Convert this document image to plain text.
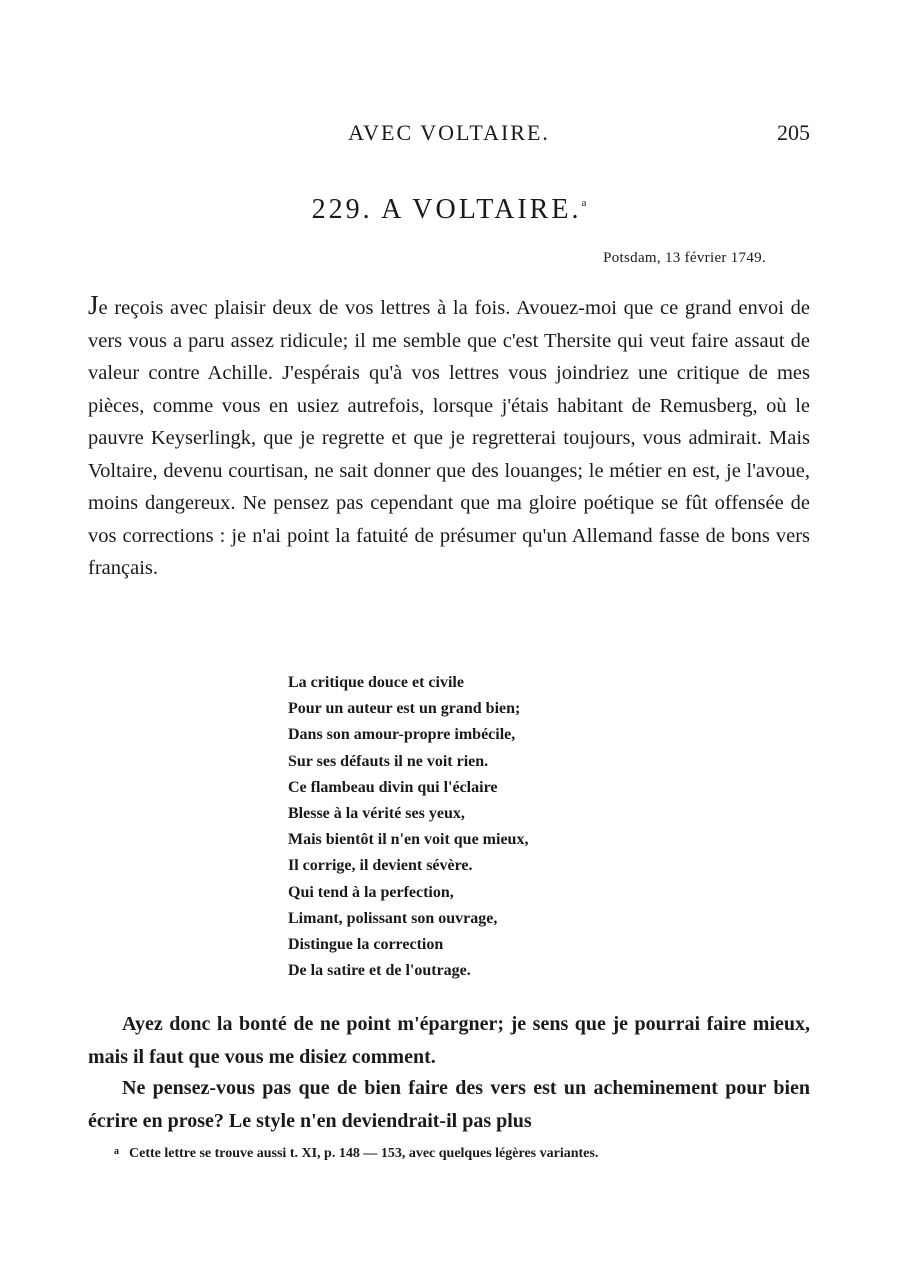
AVEC VOLTAIRE.	205
229. A VOLTAIRE.$^a$
Potsdam, 13 février 1749.
Je reçois avec plaisir deux de vos lettres à la fois. Avouez-moi que ce grand envoi de vers vous a paru assez ridicule; il me semble que c'est Thersite qui veut faire assaut de valeur contre Achille. J'espérais qu'à vos lettres vous joindriez une critique de mes pièces, comme vous en usiez autrefois, lorsque j'étais habitant de Remusberg, où le pauvre Keyserlingk, que je regrette et que je regretterai toujours, vous admirait. Mais Voltaire, devenu courtisan, ne sait donner que des louanges; le métier en est, je l'avoue, moins dangereux. Ne pensez pas cependant que ma gloire poétique se fût offensée de vos corrections : je n'ai point la fatuité de présumer qu'un Allemand fasse de bons vers français.
La critique douce et civile
Pour un auteur est un grand bien;
Dans son amour-propre imbécile,
Sur ses défauts il ne voit rien.
Ce flambeau divin qui l'éclaire
Blesse à la vérité ses yeux,
Mais bientôt il n'en voit que mieux,
Il corrige, il devient sévère.
Qui tend à la perfection,
Limant, polissant son ouvrage,
Distingue la correction
De la satire et de l'outrage.
Ayez donc la bonté de ne point m'épargner; je sens que je pourrai faire mieux, mais il faut que vous me disiez comment.
Ne pensez-vous pas que de bien faire des vers est un acheminement pour bien écrire en prose? Le style n'en deviendrait-il pas plus
$^a$ Cette lettre se trouve aussi t. XI, p. 148 — 153, avec quelques légères variantes.
